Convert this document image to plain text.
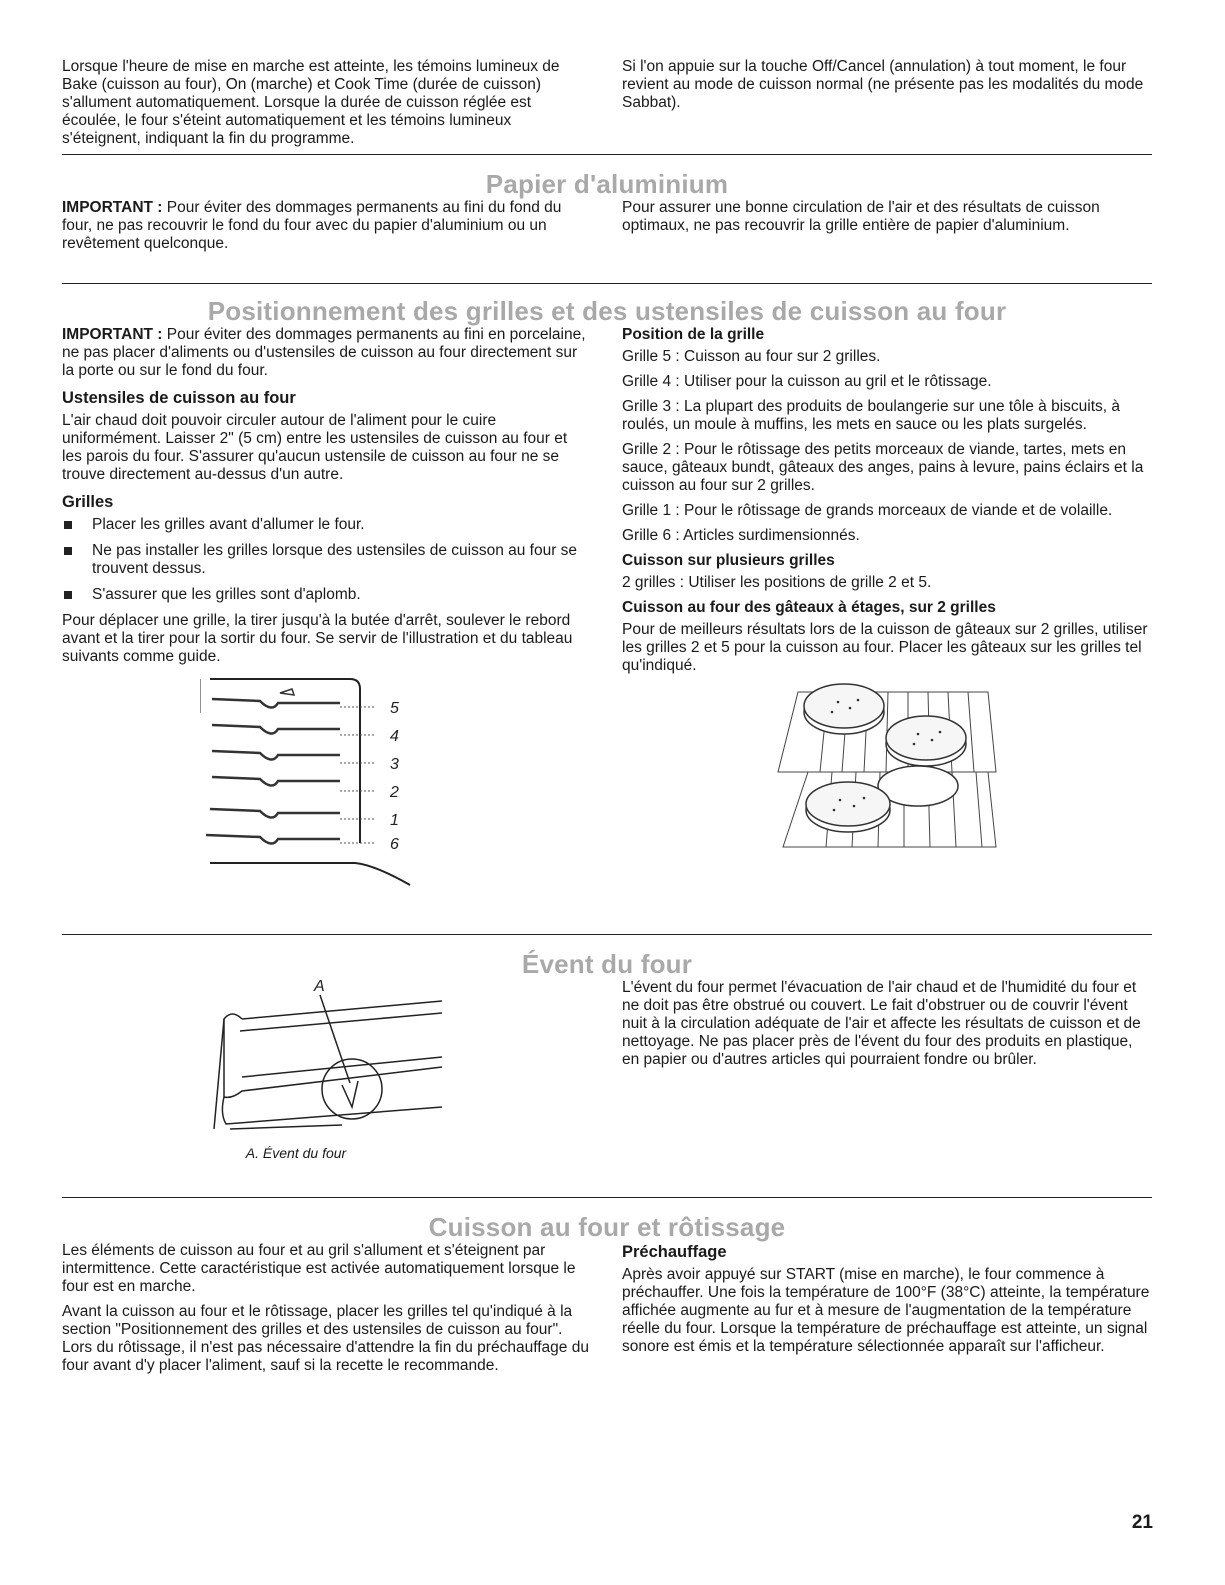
Lorsque l'heure de mise en marche est atteinte, les témoins lumineux de Bake (cuisson au four), On (marche) et Cook Time (durée de cuisson) s'allument automatiquement. Lorsque la durée de cuisson réglée est écoulée, le four s'éteint automatiquement et les témoins lumineux s'éteignent, indiquant la fin du programme.

Si l'on appuie sur la touche Off/Cancel (annulation) à tout moment, le four revient au mode de cuisson normal (ne présente pas les modalités du mode Sabbat).

Papier d'aluminium

IMPORTANT : Pour éviter des dommages permanents au fini du fond du four, ne pas recouvrir le fond du four avec du papier d'aluminium ou un revêtement quelconque.

Pour assurer une bonne circulation de l'air et des résultats de cuisson optimaux, ne pas recouvrir la grille entière de papier d'aluminium.

Positionnement des grilles et des ustensiles de cuisson au four

IMPORTANT : Pour éviter des dommages permanents au fini en porcelaine, ne pas placer d'aliments ou d'ustensiles de cuisson au four directement sur la porte ou sur le fond du four.

Ustensiles de cuisson au four

L'air chaud doit pouvoir circuler autour de l'aliment pour le cuire uniformément. Laisser 2" (5 cm) entre les ustensiles de cuisson au four et les parois du four. S'assurer qu'aucun ustensile de cuisson au four ne se trouve directement au-dessus d'un autre.

Grilles
Placer les grilles avant d'allumer le four.
Ne pas installer les grilles lorsque des ustensiles de cuisson au four se trouvent dessus.
S'assurer que les grilles sont d'aplomb.

Pour déplacer une grille, la tirer jusqu'à la butée d'arrêt, soulever le rebord avant et la tirer pour la sortir du four. Se servir de l'illustration et du tableau suivants comme guide.

5
4
3
2
1
6
Position de la grille

Grille 5 : Cuisson au four sur 2 grilles.

Grille 4 : Utiliser pour la cuisson au gril et le rôtissage.

Grille 3 : La plupart des produits de boulangerie sur une tôle à biscuits, à roulés, un moule à muffins, les mets en sauce ou les plats surgelés.

Grille 2 : Pour le rôtissage des petits morceaux de viande, tartes, mets en sauce, gâteaux bundt, gâteaux des anges, pains à levure, pains éclairs et la cuisson au four sur 2 grilles.

Grille 1 : Pour le rôtissage de grands morceaux de viande et de volaille.

Grille 6 : Articles surdimensionnés.

Cuisson sur plusieurs grilles

2 grilles : Utiliser les positions de grille 2 et 5.

Cuisson au four des gâteaux à étages, sur 2 grilles

Pour de meilleurs résultats lors de la cuisson de gâteaux sur 2 grilles, utiliser les grilles 2 et 5 pour la cuisson au four. Placer les gâteaux sur les grilles tel qu'indiqué.

Évent du four
A
A. Évent du four

L'évent du four permet l'évacuation de l'air chaud et de l'humidité du four et ne doit pas être obstrué ou couvert. Le fait d'obstruer ou de couvrir l'évent nuit à la circulation adéquate de l'air et affecte les résultats de cuisson et de nettoyage. Ne pas placer près de l'évent du four des produits en plastique, en papier ou d'autres articles qui pourraient fondre ou brûler.

Cuisson au four et rôtissage

Les éléments de cuisson au four et au gril s'allument et s'éteignent par intermittence. Cette caractéristique est activée automatiquement lorsque le four est en marche.

Avant la cuisson au four et le rôtissage, placer les grilles tel qu'indiqué à la section "Positionnement des grilles et des ustensiles de cuisson au four". Lors du rôtissage, il n'est pas nécessaire d'attendre la fin du préchauffage du four avant d'y placer l'aliment, sauf si la recette le recommande.

Préchauffage

Après avoir appuyé sur START (mise en marche), le four commence à préchauffer. Une fois la température de 100°F (38°C) atteinte, la température affichée augmente au fur et à mesure de l'augmentation de la température réelle du four. Lorsque la température de préchauffage est atteinte, un signal sonore est émis et la température sélectionnée apparaît sur l'afficheur.

21
